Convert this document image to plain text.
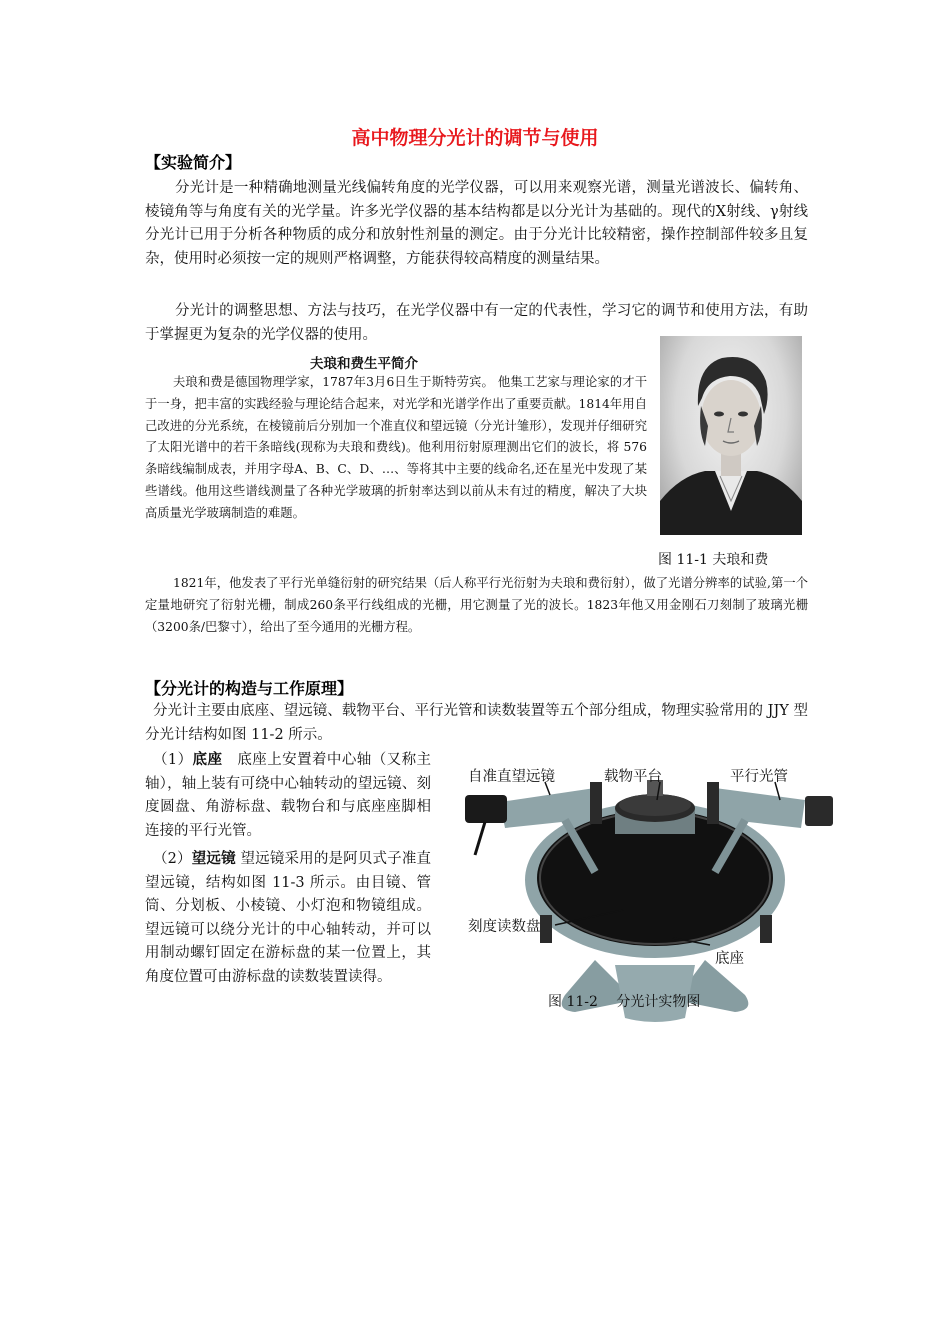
高中物理分光计的调节与使用
【实验简介】

分光计是一种精确地测量光线偏转角度的光学仪器，可以用来观察光谱，测量光谱波长、偏转角、棱镜角等与角度有关的光学量。许多光学仪器的基本结构都是以分光计为基础的。现代的X射线、γ射线分光计已用于分析各种物质的成分和放射性剂量的测定。由于分光计比较精密，操作控制部件较多且复杂，使用时必须按一定的规则严格调整，方能获得较高精度的测量结果。

分光计的调整思想、方法与技巧，在光学仪器中有一定的代表性，学习它的调节和使用方法，有助于掌握更为复杂的光学仪器的使用。

夫琅和费生平简介

夫琅和费是德国物理学家，1787年3月6日生于斯特劳宾。 他集工艺家与理论家的才干于一身，把丰富的实践经验与理论结合起来，对光学和光谱学作出了重要贡献。1814年用自己改进的分光系统，在棱镜前后分别加一个准直仪和望远镜（分光计雏形），发现并仔细研究了太阳光谱中的若干条暗线(现称为夫琅和费线)。他利用衍射原理测出它们的波长，将 576条暗线编制成表，并用字母A、B、C、D、…、等将其中主要的线命名,还在星光中发现了某些谱线。他用这些谱线测量了各种光学玻璃的折射率达到以前从未有过的精度，解决了大块高质量光学玻璃制造的难题。

图 11-1 夫琅和费

1821年，他发表了平行光单缝衍射的研究结果（后人称平行光衍射为夫琅和费衍射），做了光谱分辨率的试验,第一个定量地研究了衍射光栅，制成260条平行线组成的光栅，用它测量了光的波长。1823年他又用金刚石刀刻制了玻璃光栅（3200条/巴黎寸），给出了至今通用的光栅方程。

【分光计的构造与工作原理】

分光计主要由底座、望远镜、载物平台、平行光管和读数装置等五个部分组成，物理实验常用的 JJY 型分光计结构如图 11-2 所示。

（1）底座　 底座上安置着中心轴（又称主轴），轴上装有可绕中心轴转动的望远镜、刻度圆盘、角游标盘、载物台和与底座座脚相连接的平行光管。

（2）望远镜 望远镜采用的是阿贝式子准直望远镜，结构如图 11-3 所示。由目镜、管筒、分划板、小棱镜、小灯泡和物镜组成。望远镜可以绕分光计的中心轴转动，并可以用制动螺钉固定在游标盘的某一位置上，其角度位置可由游标盘的读数装置读得。

自准直望远镜	载物平台	平行光管
刻度读数盘
底座
图 11-2　 分光计实物图
